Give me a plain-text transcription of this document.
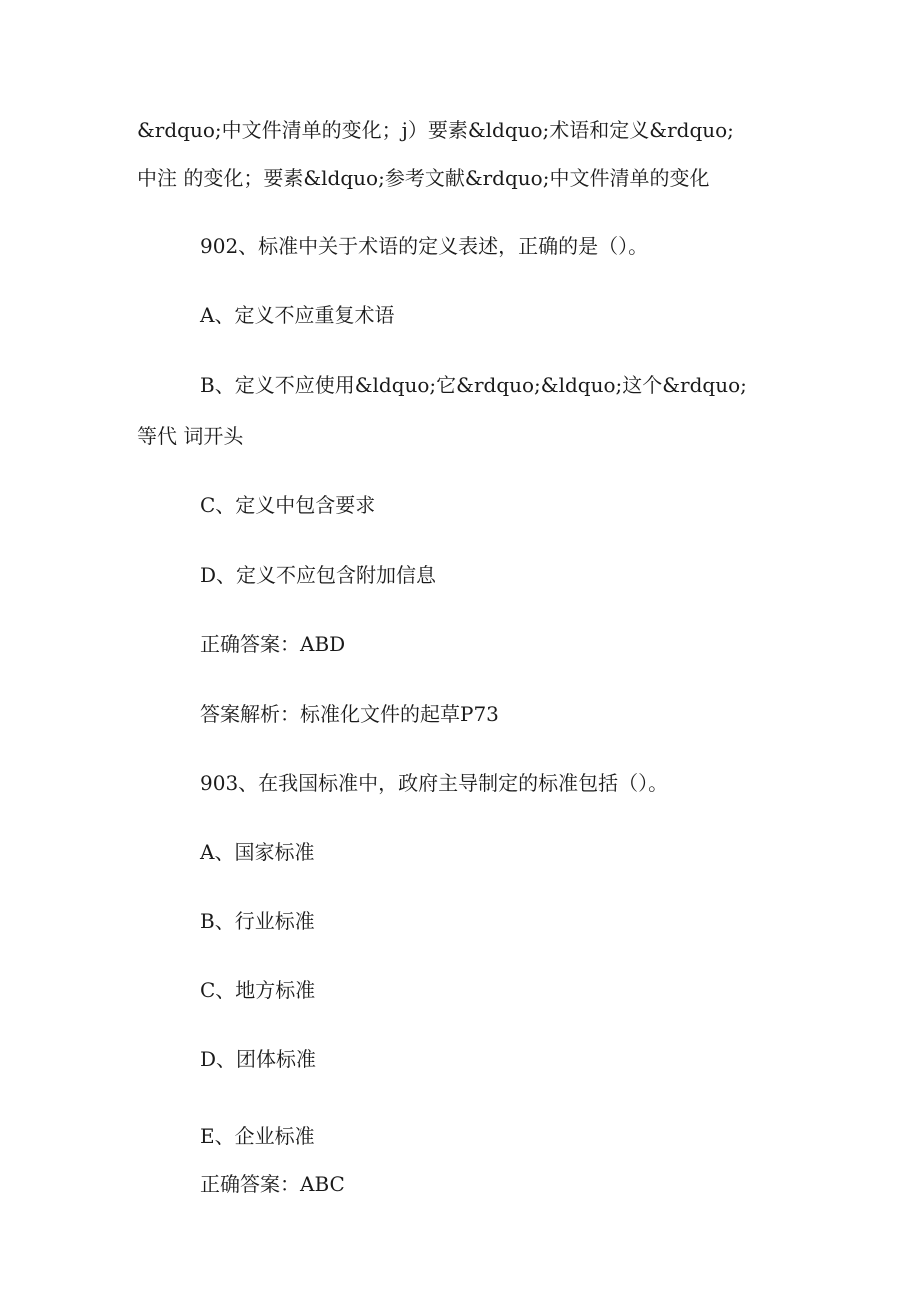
&rdquo;中文件清单的变化；j）要素&ldquo;术语和定义&rdquo;
中注 的变化；要素&ldquo;参考文献&rdquo;中文件清单的变化
902、标准中关于术语的定义表述，正确的是（）。
A、定义不应重复术语
B、定义不应使用&ldquo;它&rdquo;&ldquo;这个&rdquo;
等代 词开头
C、定义中包含要求
D、定义不应包含附加信息
正确答案：ABD
答案解析：标准化文件的起草P73
903、在我国标准中，政府主导制定的标准包括（）。
A、国家标准
B、行业标准
C、地方标准
D、团体标准
E、企业标准
正确答案：ABC
